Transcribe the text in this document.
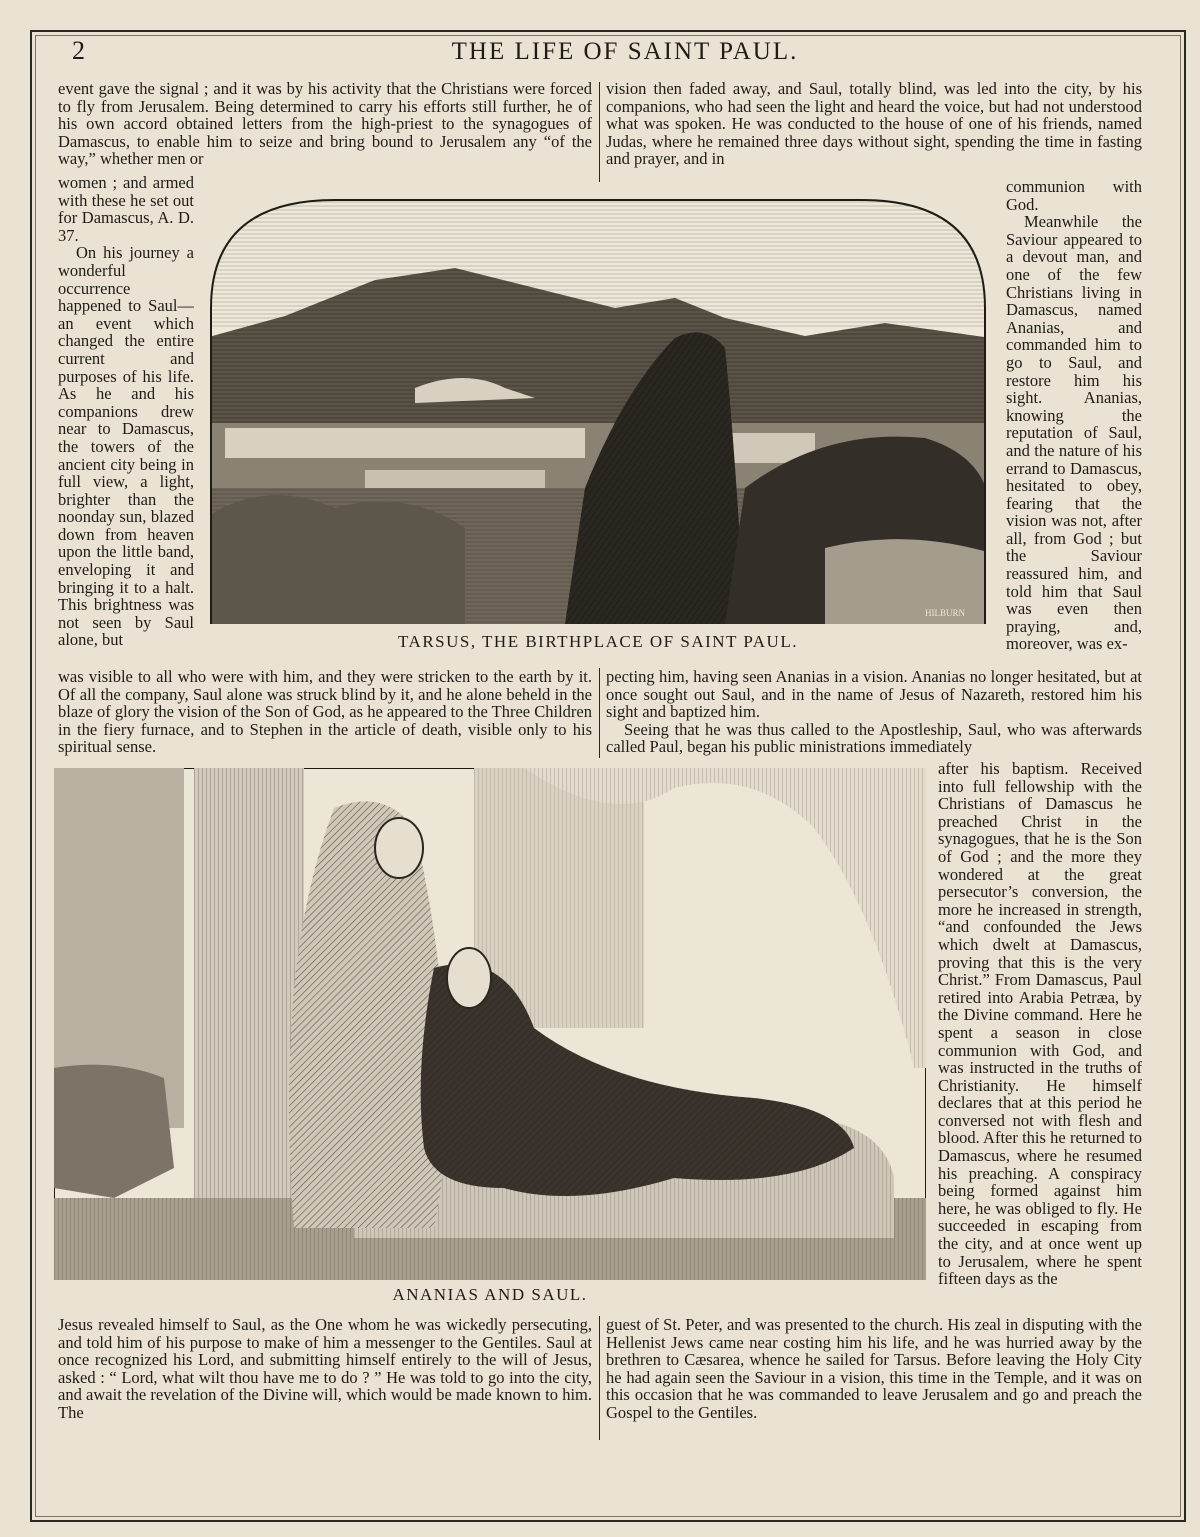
2	THE LIFE OF SAINT PAUL.

event gave the signal ; and it was by his activity that the Christians were forced to fly from Jerusalem. Being determined to carry his efforts still further, he of his own accord obtained letters from the high-priest to the synagogues of Damascus, to enable him to seize and bring bound to Jerusalem any “of the way,” whether men or

vision then faded away, and Saul, totally blind, was led into the city, by his companions, who had seen the light and heard the voice, but had not understood what was spoken. He was conducted to the house of one of his friends, named Judas, where he remained three days without sight, spending the time in fasting and prayer, and in

women ; and armed with these he set out for Damascus, A. D. 37.

On his journey a wonderful occurrence happened to Saul—an event which changed the entire current and purposes of his life. As he and his companions drew near to Damascus, the towers of the ancient city being in full view, a light, brighter than the noonday sun, blazed down from heaven upon the little band, enveloping it and bringing it to a halt. This brightness was not seen by Saul alone, but

communion with God.

Meanwhile the Saviour appeared to a devout man, and one of the few Christians living in Damascus, named Ananias, and commanded him to go to Saul, and restore him his sight. Ananias, knowing the reputation of Saul, and the nature of his errand to Damascus, hesitated to obey, fearing that the vision was not, after all, from God ; but the Saviour reassured him, and told him that Saul was even then praying, and, moreover, was ex-

HILBURN
TARSUS, THE BIRTHPLACE OF SAINT PAUL.

was visible to all who were with him, and they were stricken to the earth by it. Of all the company, Saul alone was struck blind by it, and he alone beheld in the blaze of glory the vision of the Son of God, as he appeared to the Three Children in the fiery furnace, and to Stephen in the article of death, visible only to his spiritual sense.

pecting him, having seen Ananias in a vision. Ananias no longer hesitated, but at once sought out Saul, and in the name of Jesus of Nazareth, restored him his sight and baptized him.

Seeing that he was thus called to the Apostleship, Saul, who was afterwards called Paul, began his public ministrations immediately

ANANIAS AND SAUL.

after his baptism. Received into full fellowship with the Christians of Damascus he preached Christ in the synagogues, that he is the Son of God ; and the more they wondered at the great persecutor’s conversion, the more he increased in strength, “and confounded the Jews which dwelt at Damascus, proving that this is the very Christ.” From Damascus, Paul retired into Arabia Petræa, by the Divine command. Here he spent a season in close communion with God, and was instructed in the truths of Christianity. He himself declares that at this period he conversed not with flesh and blood. After this he returned to Damascus, where he resumed his preaching. A conspiracy being formed against him here, he was obliged to fly. He succeeded in escaping from the city, and at once went up to Jerusalem, where he spent fifteen days as the

Jesus revealed himself to Saul, as the One whom he was wickedly persecuting, and told him of his purpose to make of him a messenger to the Gentiles. Saul at once recognized his Lord, and submitting himself entirely to the will of Jesus, asked : “ Lord, what wilt thou have me to do ? ” He was told to go into the city, and await the revelation of the Divine will, which would be made known to him. The

guest of St. Peter, and was presented to the church. His zeal in disputing with the Hellenist Jews came near costing him his life, and he was hurried away by the brethren to Cæsarea, whence he sailed for Tarsus. Before leaving the Holy City he had again seen the Saviour in a vision, this time in the Temple, and it was on this occasion that he was commanded to leave Jerusalem and go and preach the Gospel to the Gentiles.
